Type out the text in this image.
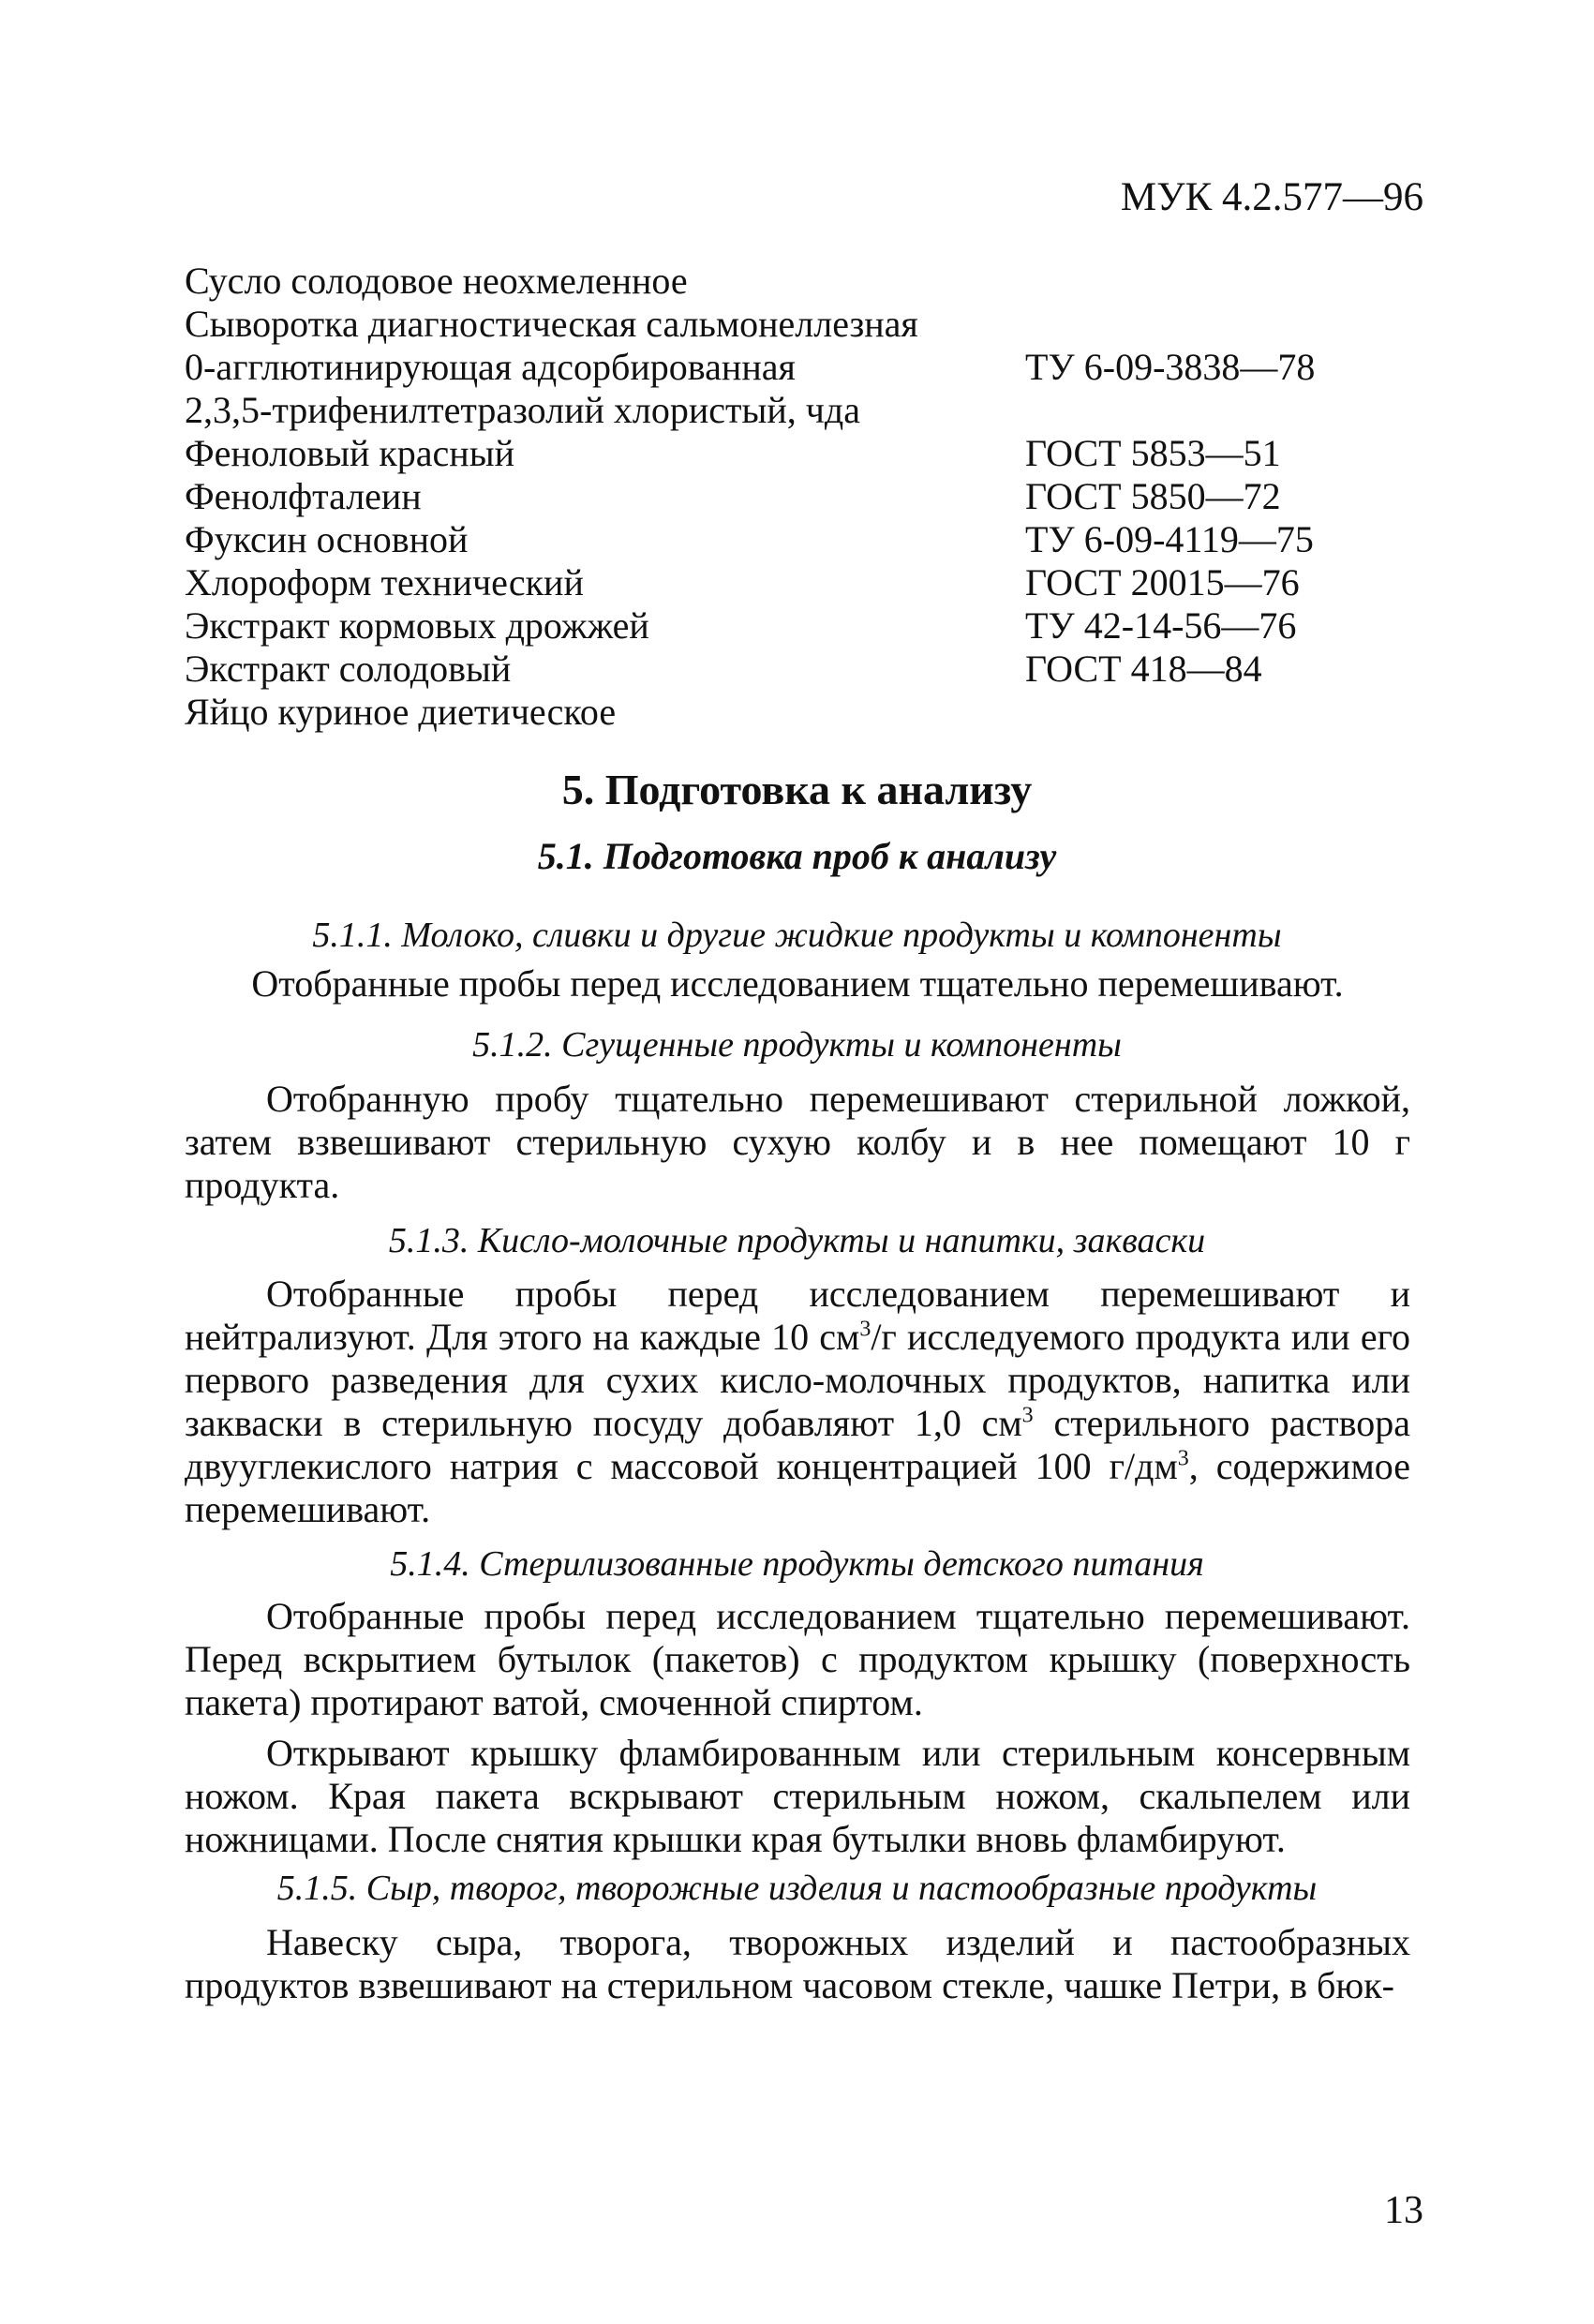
МУК 4.2.577—96
Сусло солодовое неохмеленное
Сыворотка диагностическая сальмонеллезная
0-агглютинирующая адсорбированная	ТУ 6-09-3838—78
2,3,5-трифенилтетразолий хлористый, чда
Феноловый красный	ГОСТ 5853—51
Фенолфталеин	ГОСТ 5850—72
Фуксин основной	ТУ 6-09-4119—75
Хлороформ технический	ГОСТ 20015—76
Экстракт кормовых дрожжей	ТУ 42-14-56—76
Экстракт солодовый	ГОСТ 418—84
Яйцо куриное диетическое
5. Подготовка к анализу
5.1. Подготовка проб к анализу
5.1.1. Молоко, сливки и другие жидкие продукты и компоненты
Отобранные пробы перед исследованием тщательно перемешивают.
5.1.2. Сгущенные продукты и компоненты
Отобранную пробу тщательно перемешивают стерильной ложкой, затем взвешивают стерильную сухую колбу и в нее помещают 10 г продукта.
5.1.3. Кисло-молочные продукты и напитки, закваски
Отобранные пробы перед исследованием перемешивают и нейтрализуют. Для этого на каждые 10 $см^3/г$ исследуемого продукта или его первого разведения для сухих кисло-молочных продуктов, напитка или закваски в стерильную посуду добавляют 1,0 $см^3$ стерильного раствора двууглекислого натрия с массовой концентрацией 100 $г/дм^3$, содержимое перемешивают.
5.1.4. Стерилизованные продукты детского питания
Отобранные пробы перед исследованием тщательно перемешивают. Перед вскрытием бутылок (пакетов) с продуктом крышку (поверхность пакета) протирают ватой, смоченной спиртом.
Открывают крышку фламбированным или стерильным консервным ножом. Края пакета вскрывают стерильным ножом, скальпелем или ножницами. После снятия крышки края бутылки вновь фламбируют.
5.1.5. Сыр, творог, творожные изделия и пастообразные продукты
Навеску сыра, творога, творожных изделий и пастообразных продуктов взвешивают на стерильном часовом стекле, чашке Петри, в бюк-
13
